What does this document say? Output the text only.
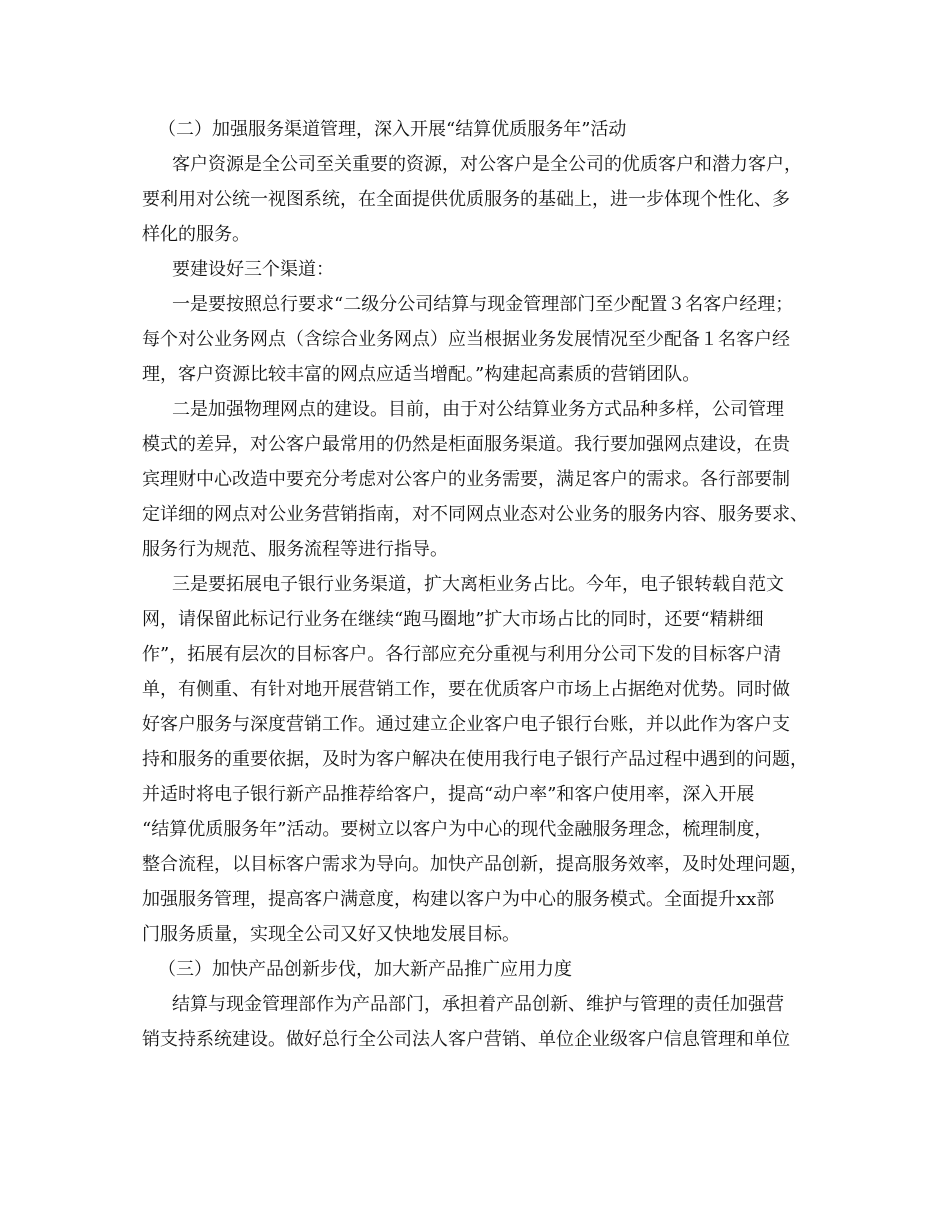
（二）加强服务渠道管理，深入开展“结算优质服务年”活动
客户资源是全公司至关重要的资源，对公客户是全公司的优质客户和潜力客户，
要利用对公统一视图系统，在全面提供优质服务的基础上，进一步体现个性化、多
样化的服务。
要建设好三个渠道：
一是要按照总行要求“二级分公司结算与现金管理部门至少配置３名客户经理；
每个对公业务网点（含综合业务网点）应当根据业务发展情况至少配备１名客户经
理，客户资源比较丰富的网点应适当增配。”构建起高素质的营销团队。
二是加强物理网点的建设。目前，由于对公结算业务方式品种多样，公司管理
模式的差异，对公客户最常用的仍然是柜面服务渠道。我行要加强网点建设，在贵
宾理财中心改造中要充分考虑对公客户的业务需要，满足客户的需求。各行部要制
定详细的网点对公业务营销指南，对不同网点业态对公业务的服务内容、服务要求、
服务行为规范、服务流程等进行指导。
三是要拓展电子银行业务渠道，扩大离柜业务占比。今年，电子银转载自范文
网，请保留此标记行业务在继续“跑马圈地”扩大市场占比的同时，还要“精耕细
作”，拓展有层次的目标客户。各行部应充分重视与利用分公司下发的目标客户清
单，有侧重、有针对地开展营销工作，要在优质客户市场上占据绝对优势。同时做
好客户服务与深度营销工作。通过建立企业客户电子银行台账，并以此作为客户支
持和服务的重要依据，及时为客户解决在使用我行电子银行产品过程中遇到的问题，
并适时将电子银行新产品推荐给客户，提高“动户率”和客户使用率，深入开展
“结算优质服务年”活动。要树立以客户为中心的现代金融服务理念，梳理制度，
整合流程，以目标客户需求为导向。加快产品创新，提高服务效率，及时处理问题，
加强服务管理，提高客户满意度，构建以客户为中心的服务模式。全面提升xx部
门服务质量，实现全公司又好又快地发展目标。
（三）加快产品创新步伐，加大新产品推广应用力度
结算与现金管理部作为产品部门，承担着产品创新、维护与管理的责任加强营
销支持系统建设。做好总行全公司法人客户营销、单位企业级客户信息管理和单位
